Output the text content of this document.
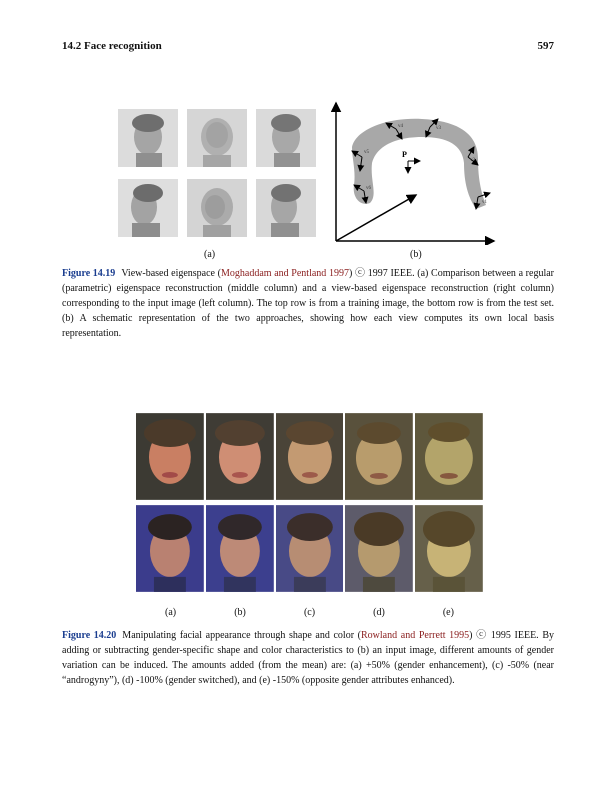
14.2 Face recognition	597
P
v1
v2
v3
v4
v5
v6
(a)	(b)

Figure 14.19 View-based eigenspace (Moghaddam and Pentland 1997) ⓒ 1997 IEEE. (a) Comparison between a regular (parametric) eigenspace reconstruction (middle column) and a view-based eigenspace reconstruction (right column) corresponding to the input image (left column). The top row is from a training image, the bottom row is from the test set. (b) A schematic representation of the two approaches, showing how each view computes its own local basis representation.

(a)	(b)	(c)	(d)	(e)

Figure 14.20 Manipulating facial appearance through shape and color (Rowland and Perrett 1995) ⓒ 1995 IEEE. By adding or subtracting gender-specific shape and color characteristics to (b) an input image, different amounts of gender variation can be induced. The amounts added (from the mean) are: (a) +50% (gender enhancement), (c) -50% (near “androgyny”), (d) -100% (gender switched), and (e) -150% (opposite gender attributes enhanced).
